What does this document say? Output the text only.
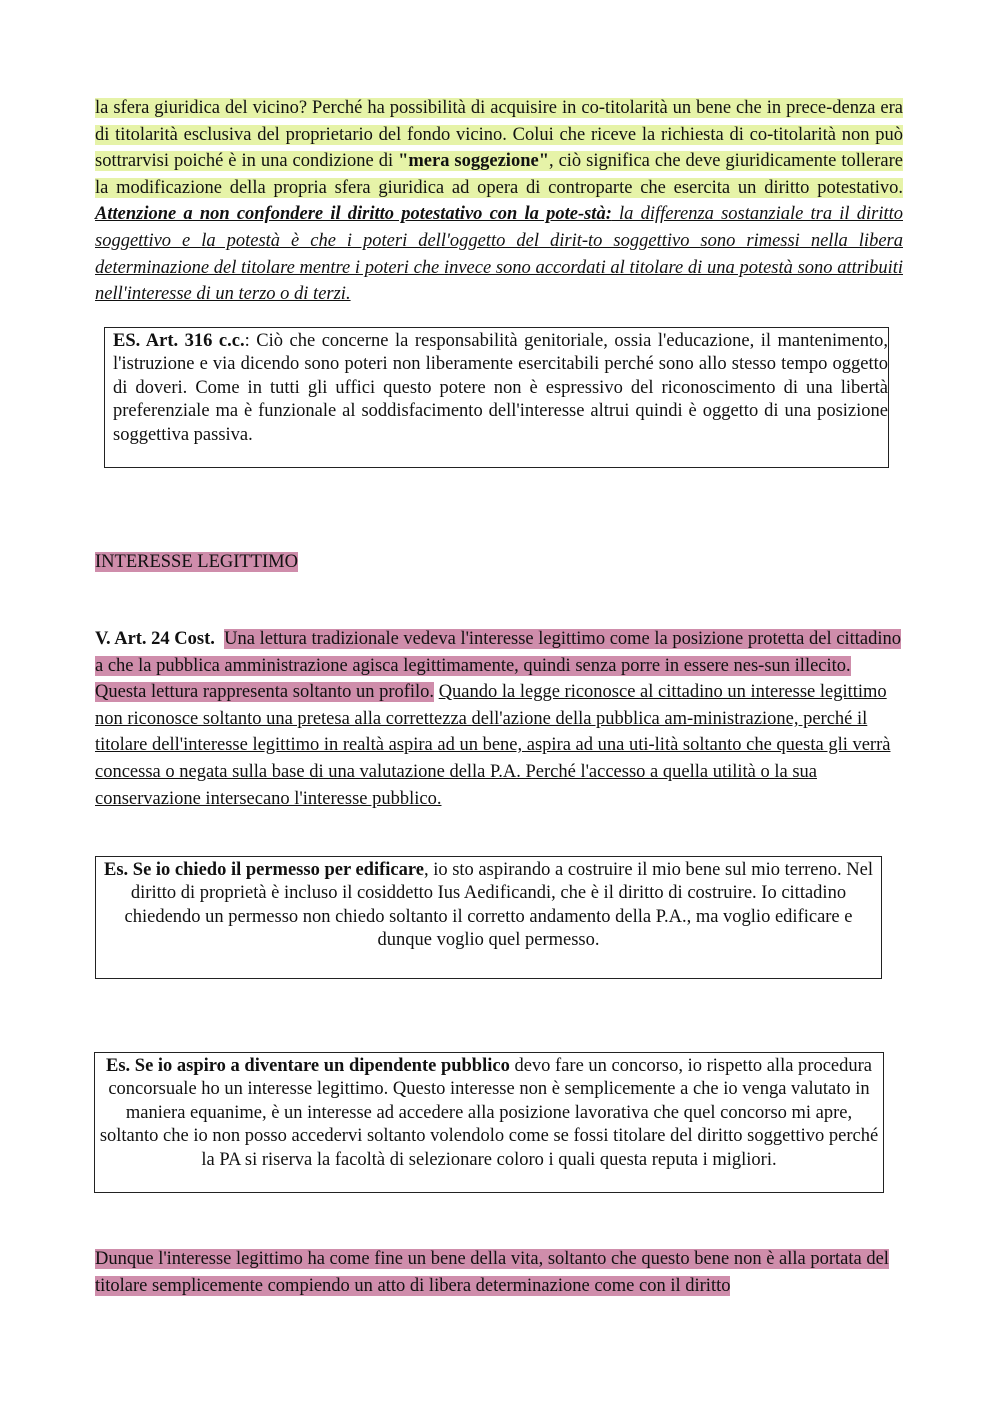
la sfera giuridica del vicino? Perché ha possibilità di acquisire in co-titolarità un bene che in prece-denza era di titolarità esclusiva del proprietario del fondo vicino. Colui che riceve la richiesta di co-titolarità non può sottrarvisi poiché è in una condizione di "mera soggezione", ciò significa che deve giuridicamente tollerare la modificazione della propria sfera giuridica ad opera di controparte che esercita un diritto potestativo. Attenzione a non confondere il diritto potestativo con la pote-stà: la differenza sostanziale tra il diritto soggettivo e la potestà è che i poteri dell'oggetto del dirit-to soggettivo sono rimessi nella libera determinazione del titolare mentre i poteri che invece sono accordati al titolare di una potestà sono attribuiti nell'interesse di un terzo o di terzi.
ES. Art. 316 c.c.: Ciò che concerne la responsabilità genitoriale, ossia l'educazione, il mantenimento, l'istruzione e via dicendo sono poteri non liberamente esercitabili perché sono allo stesso tempo oggetto di doveri. Come in tutti gli uffici questo potere non è espressivo del riconoscimento di una libertà preferenziale ma è funzionale al soddisfacimento dell'interesse altrui quindi è oggetto di una posizione soggettiva passiva.
INTERESSE LEGITTIMO
V. Art. 24 Cost. Una lettura tradizionale vedeva l'interesse legittimo come la posizione protetta del cittadino a che la pubblica amministrazione agisca legittimamente, quindi senza porre in essere nes-sun illecito. Questa lettura rappresenta soltanto un profilo. Quando la legge riconosce al cittadino un interesse legittimo non riconosce soltanto una pretesa alla correttezza dell'azione della pubblica am-ministrazione, perché il titolare dell'interesse legittimo in realtà aspira ad un bene, aspira ad una uti-lità soltanto che questa gli verrà concessa o negata sulla base di una valutazione della P.A. Perché l'accesso a quella utilità o la sua conservazione intersecano l'interesse pubblico.
Es. Se io chiedo il permesso per edificare, io sto aspirando a costruire il mio bene sul mio terreno. Nel diritto di proprietà è incluso il cosiddetto Ius Aedificandi, che è il diritto di costruire. Io cittadino chiedendo un permesso non chiedo soltanto il corretto andamento della P.A., ma voglio edificare e dunque voglio quel permesso.
Es. Se io aspiro a diventare un dipendente pubblico devo fare un concorso, io rispetto alla procedura concorsuale ho un interesse legittimo. Questo interesse non è semplicemente a che io venga valutato in maniera equanime, è un interesse ad accedere alla posizione lavorativa che quel concorso mi apre, soltanto che io non posso accedervi soltanto volendolo come se fossi titolare del diritto soggettivo perché la PA si riserva la facoltà di selezionare coloro i quali questa reputa i migliori.
Dunque l'interesse legittimo ha come fine un bene della vita, soltanto che questo bene non è alla portata del titolare semplicemente compiendo un atto di libera determinazione come con il diritto
